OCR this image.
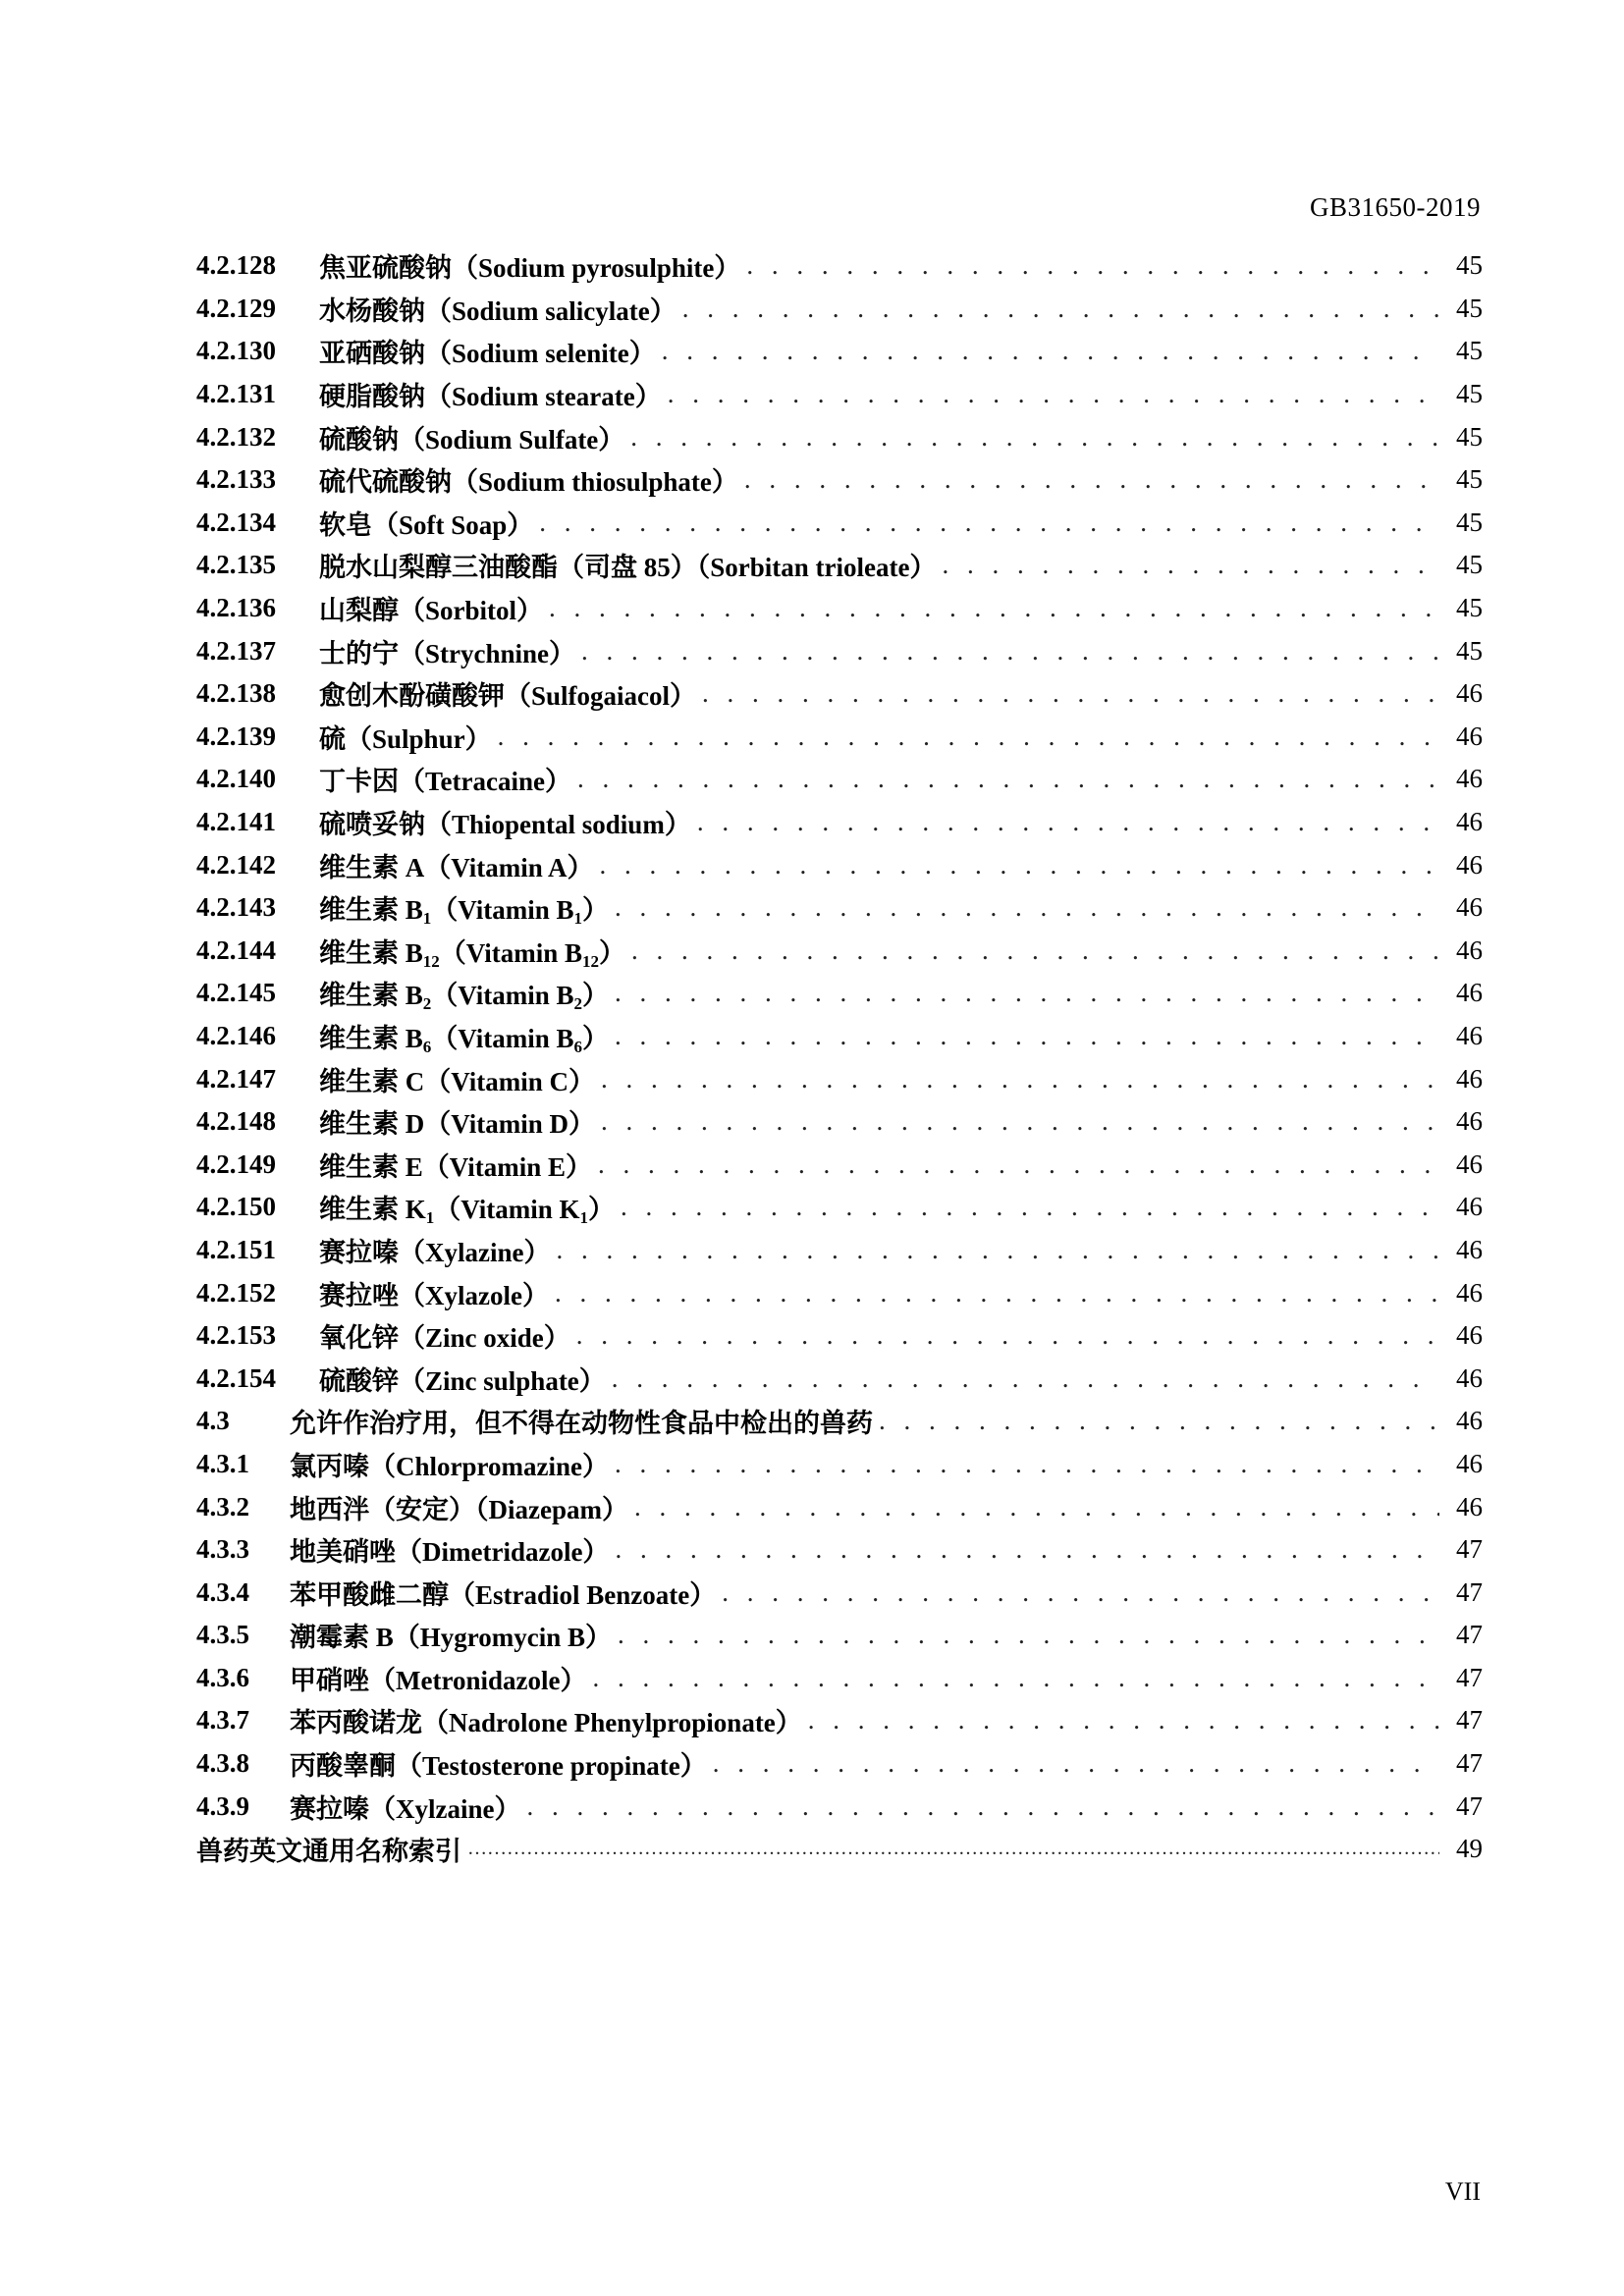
GB31650-2019
4.2.128	焦亚硫酸钠（Sodium pyrosulphite） . . .	45
4.2.129	水杨酸钠（Sodium salicylate） . . .	45
4.2.130	亚硒酸钠（Sodium selenite） . . .	45
4.2.131	硬脂酸钠（Sodium stearate） . . .	45
4.2.132	硫酸钠（Sodium Sulfate） . . .	45
4.2.133	硫代硫酸钠（Sodium thiosulphate） . . .	45
4.2.134	软皂（Soft Soap） . . .	45
4.2.135	脱水山梨醇三油酸酯（司盘 85）（Sorbitan trioleate） . . .	45
4.2.136	山梨醇（Sorbitol） . . .	45
4.2.137	士的宁（Strychnine） . . .	45
4.2.138	愈创木酚磺酸钾（Sulfogaiacol） . . .	46
4.2.139	硫（Sulphur） . . .	46
4.2.140	丁卡因（Tetracaine） . . .	46
4.2.141	硫喷妥钠（Thiopental sodium） . . .	46
4.2.142	维生素 A（Vitamin A） . . .	46
4.2.143	维生素 $B_1(Vitamin$ $B_1$） . . .	46
4.2.144	维生素 $B_{12}(Vitamin$ $B_{12}$） . . .	46
4.2.145	维生素 $B_2(Vitamin$ $B_2$） . . .	46
4.2.146	维生素 $B_6(Vitamin$ $B_6$） . . .	46
4.2.147	维生素 C（Vitamin C） . . .	46
4.2.148	维生素 D（Vitamin D） . . .	46
4.2.149	维生素 E（Vitamin E） . . .	46
4.2.150	维生素 $K_1(Vitamin$ $K_1$） . . .	46
4.2.151	赛拉嗪（Xylazine） . . .	46
4.2.152	赛拉唑（Xylazole） . . .	46
4.2.153	氧化锌（Zinc oxide） . . .	46
4.2.154	硫酸锌（Zinc sulphate） . . .	46
4.3	允许作治疗用，但不得在动物性食品中检出的兽药 . . .	46
4.3.1	氯丙嗪（Chlorpromazine） . . .	46
4.3.2	地西泮（安定）（Diazepam） . . .	46
4.3.3	地美硝唑（Dimetridazole） . . .	47
4.3.4	苯甲酸雌二醇（Estradiol Benzoate） . . .	47
4.3.5	潮霉素 B（Hygromycin B） . . .	47
4.3.6	甲硝唑（Metronidazole） . . .	47
4.3.7	苯丙酸诺龙（Nadrolone Phenylpropionate） . . .	47
4.3.8	丙酸睾酮（Testosterone propinate） . . .	47
4.3.9	赛拉嗪（Xylzaine） . . .	47
兽药英文通用名称索引 ……………………………………………………………………………………………………………………………………………………………………………………………………	49
VII
